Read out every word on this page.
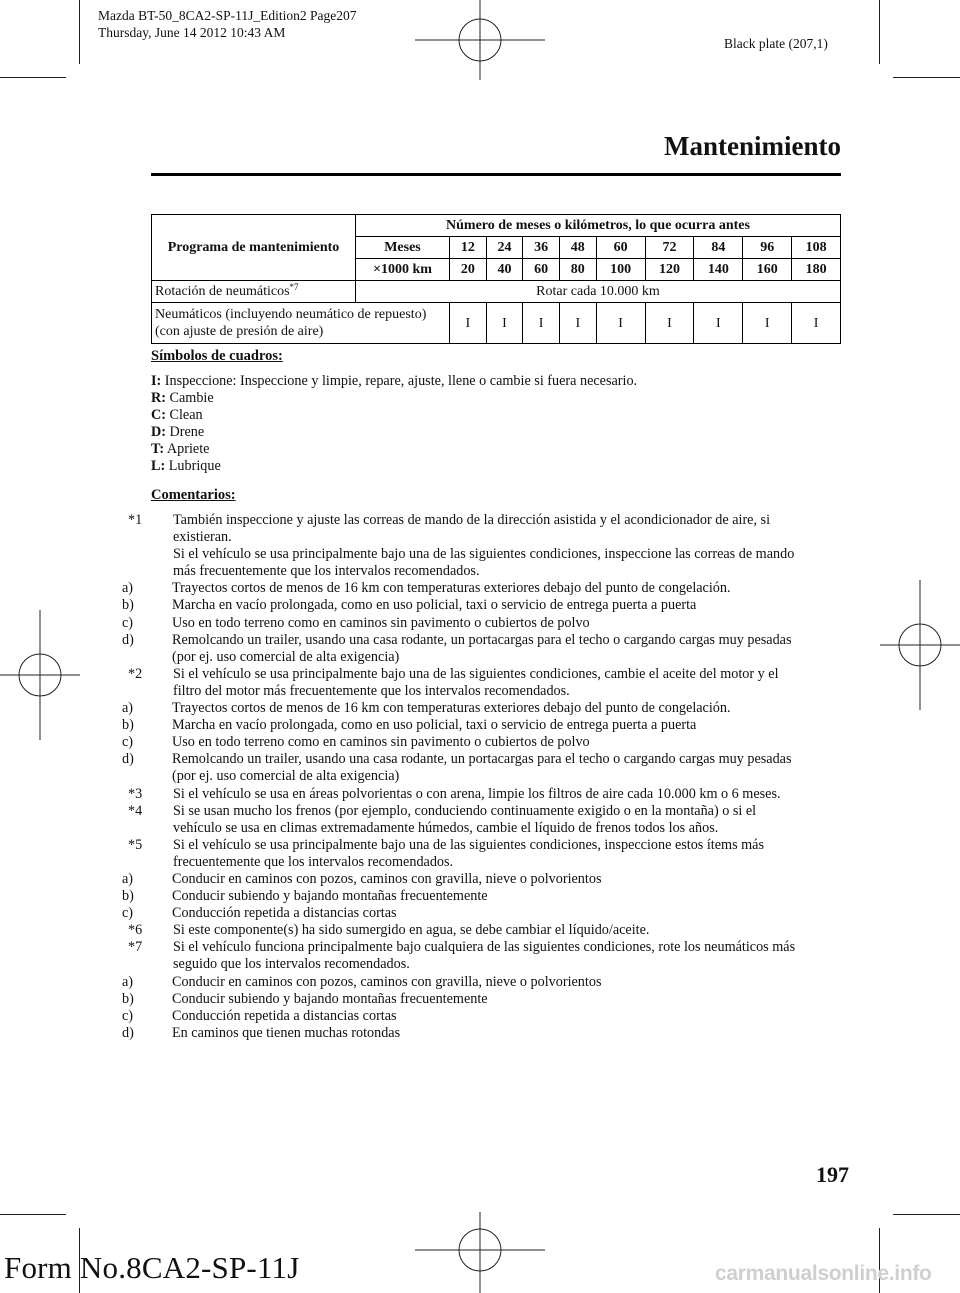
Mazda BT-50_8CA2-SP-11J_Edition2 Page207
Thursday, June 14 2012 10:43 AM
Black plate (207,1)
Mantenimiento
Programa de mantenimiento	Número de meses o kilómetros, lo que ocurra antes									
	Meses	12	24	36	48	60	72	84	96	108
	×1000 km	20	40	60	80	100	120	140	160	180
Rotación de neumáticos$^{*7}$	Rotar cada 10.000 km									

Neumáticos (incluyendo neumático de repuesto)
(con ajuste de presión de aire)		I	I	I	I	I	I	I	I	I
Símbolos de cuadros:
I: Inspeccione: Inspeccione y limpie, repare, ajuste, llene o cambie si fuera necesario.
R: Cambie
C: Clean
D: Drene
T: Apriete
L: Lubrique
Comentarios:
*1 También inspeccione y ajuste las correas de mando de la dirección asistida y el acondicionador de aire, si
existieran.
Si el vehículo se usa principalmente bajo una de las siguientes condiciones, inspeccione las correas de mando
más frecuentemente que los intervalos recomendados.
a)	Trayectos cortos de menos de 16 km con temperaturas exteriores debajo del punto de congelación.
b)	Marcha en vacío prolongada, como en uso policial, taxi o servicio de entrega puerta a puerta
c)	Uso en todo terreno como en caminos sin pavimento o cubiertos de polvo
d)	Remolcando un trailer, usando una casa rodante, un portacargas para el techo o cargando cargas muy pesadas
(por ej. uso comercial de alta exigencia)
*2 Si el vehículo se usa principalmente bajo una de las siguientes condiciones, cambie el aceite del motor y el
filtro del motor más frecuentemente que los intervalos recomendados.
a)	Trayectos cortos de menos de 16 km con temperaturas exteriores debajo del punto de congelación.
b)	Marcha en vacío prolongada, como en uso policial, taxi o servicio de entrega puerta a puerta
c)	Uso en todo terreno como en caminos sin pavimento o cubiertos de polvo
d)	Remolcando un trailer, usando una casa rodante, un portacargas para el techo o cargando cargas muy pesadas
(por ej. uso comercial de alta exigencia)
*3 Si el vehículo se usa en áreas polvorientas o con arena, limpie los filtros de aire cada 10.000 km o 6 meses.
*4 Si se usan mucho los frenos (por ejemplo, conduciendo continuamente exigido o en la montaña) o si el
vehículo se usa en climas extremadamente húmedos, cambie el líquido de frenos todos los años.
*5 Si el vehículo se usa principalmente bajo una de las siguientes condiciones, inspeccione estos ítems más
frecuentemente que los intervalos recomendados.
a)	Conducir en caminos con pozos, caminos con gravilla, nieve o polvorientos
b)	Conducir subiendo y bajando montañas frecuentemente
c)	Conducción repetida a distancias cortas
*6 Si este componente(s) ha sido sumergido en agua, se debe cambiar el líquido/aceite.
*7 Si el vehículo funciona principalmente bajo cualquiera de las siguientes condiciones, rote los neumáticos más
seguido que los intervalos recomendados.
a)	Conducir en caminos con pozos, caminos con gravilla, nieve o polvorientos
b)	Conducir subiendo y bajando montañas frecuentemente
c)	Conducción repetida a distancias cortas
d)	En caminos que tienen muchas rotondas
197
Form No.8CA2-SP-11J	carmanualsonline.info
